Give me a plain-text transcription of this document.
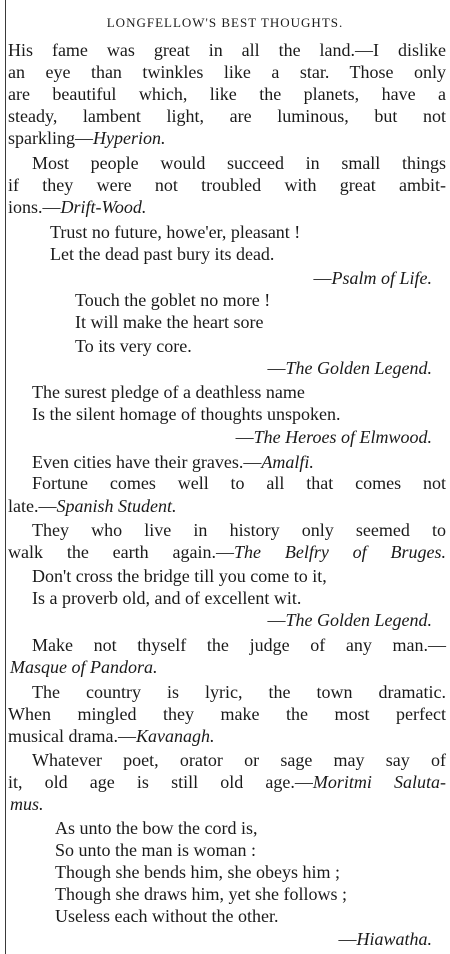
LONGFELLOW'S BEST THOUGHTS.
His fame was great in all the land.—I dislike
an eye than twinkles like a star. Those only
are beautiful which, like the planets, have a
steady, lambent light, are luminous, but not
sparkling—Hyperion.
Most people would succeed in small things
if they were not troubled with great ambit-
ions.—Drift-Wood.
Trust no future, howe'er, pleasant !
Let the dead past bury its dead.
—Psalm of Life.
Touch the goblet no more !
It will make the heart sore
To its very core.
—The Golden Legend.
The surest pledge of a deathless name
Is the silent homage of thoughts unspoken.
—The Heroes of Elmwood.
Even cities have their graves.—Amalfi.
Fortune comes well to all that comes not
late.—Spanish Student.
They who live in history only seemed to
walk the earth again.—The Belfry of Bruges.
Don't cross the bridge till you come to it,
Is a proverb old, and of excellent wit.
—The Golden Legend.
Make not thyself the judge of any man.—
Masque of Pandora.
The country is lyric, the town dramatic.
When mingled they make the most perfect
musical drama.—Kavanagh.
Whatever poet, orator or sage may say of
it, old age is still old age.—Moritmi Saluta-
mus.
As unto the bow the cord is,
So unto the man is woman :
Though she bends him, she obeys him ;
Though she draws him, yet she follows ;
Useless each without the other.
—Hiawatha.
